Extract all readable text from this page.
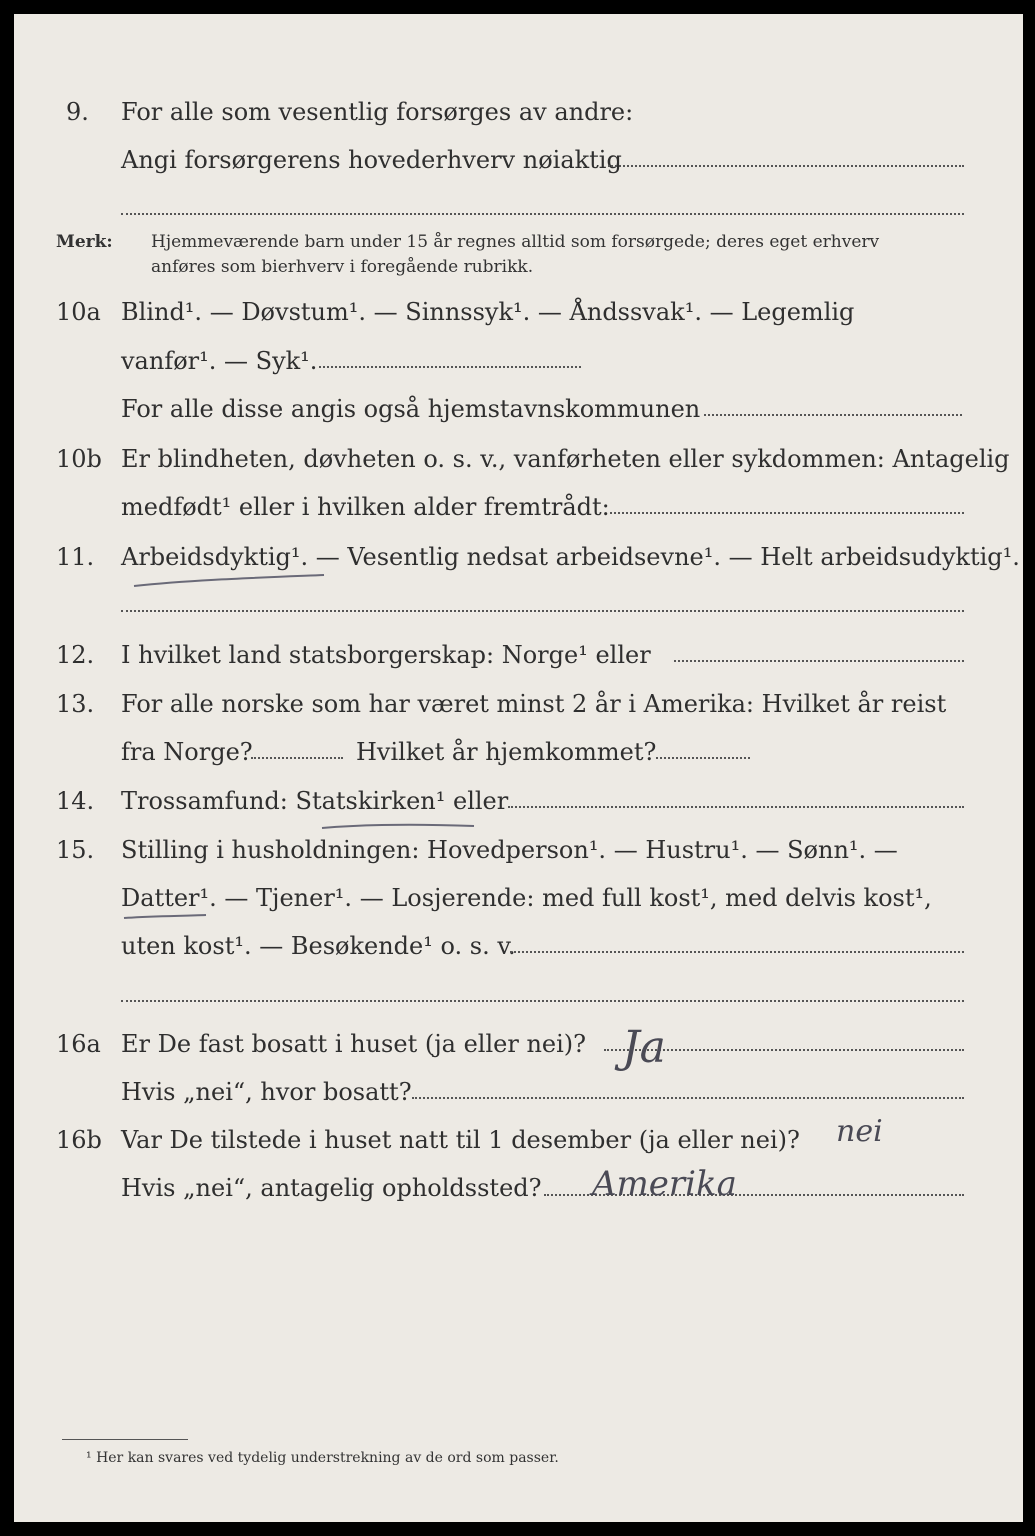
9. For alle som vesentlig forsørges av andre:
Angi forsørgerens hovederhverv nøiaktig
Merk: Hjemmeværende barn under 15 år regnes alltid som forsørgede; deres eget erhverv
anføres som bierhverv i foregående rubrikk.
10a Blind¹. — Døvstum¹. — Sinnssyk¹. — Åndssvak¹. — Legemlig
vanfør¹. — Syk¹.
For alle disse angis også hjemstavnskommunen
10b Er blindheten, døvheten o. s. v., vanførheten eller sykdommen: Antagelig
medfødt¹ eller i hvilken alder fremtrådt:
11. Arbeidsdyktig¹. — Vesentlig nedsat arbeidsevne¹. — Helt arbeidsudyktig¹.
12. I hvilket land statsborgerskap: Norge¹ eller
13. For alle norske som har været minst 2 år i Amerika: Hvilket år reist
fra Norge?	Hvilket år hjemkommet?
14. Trossamfund: Statskirken¹ eller
15. Stilling i husholdningen: Hovedperson¹. — Hustru¹. — Sønn¹. —
Datter¹. — Tjener¹. — Losjerende: med full kost¹, med delvis kost¹,
uten kost¹. — Besøkende¹ o. s. v.
16a Er De fast bosatt i huset (ja eller nei)? Ja
Hvis „nei“, hvor bosatt?
16b Var De tilstede i huset natt til 1 desember (ja eller nei)? nei
Hvis „nei“, antagelig opholdssted? Amerika
¹ Her kan svares ved tydelig understrekning av de ord som passer.
